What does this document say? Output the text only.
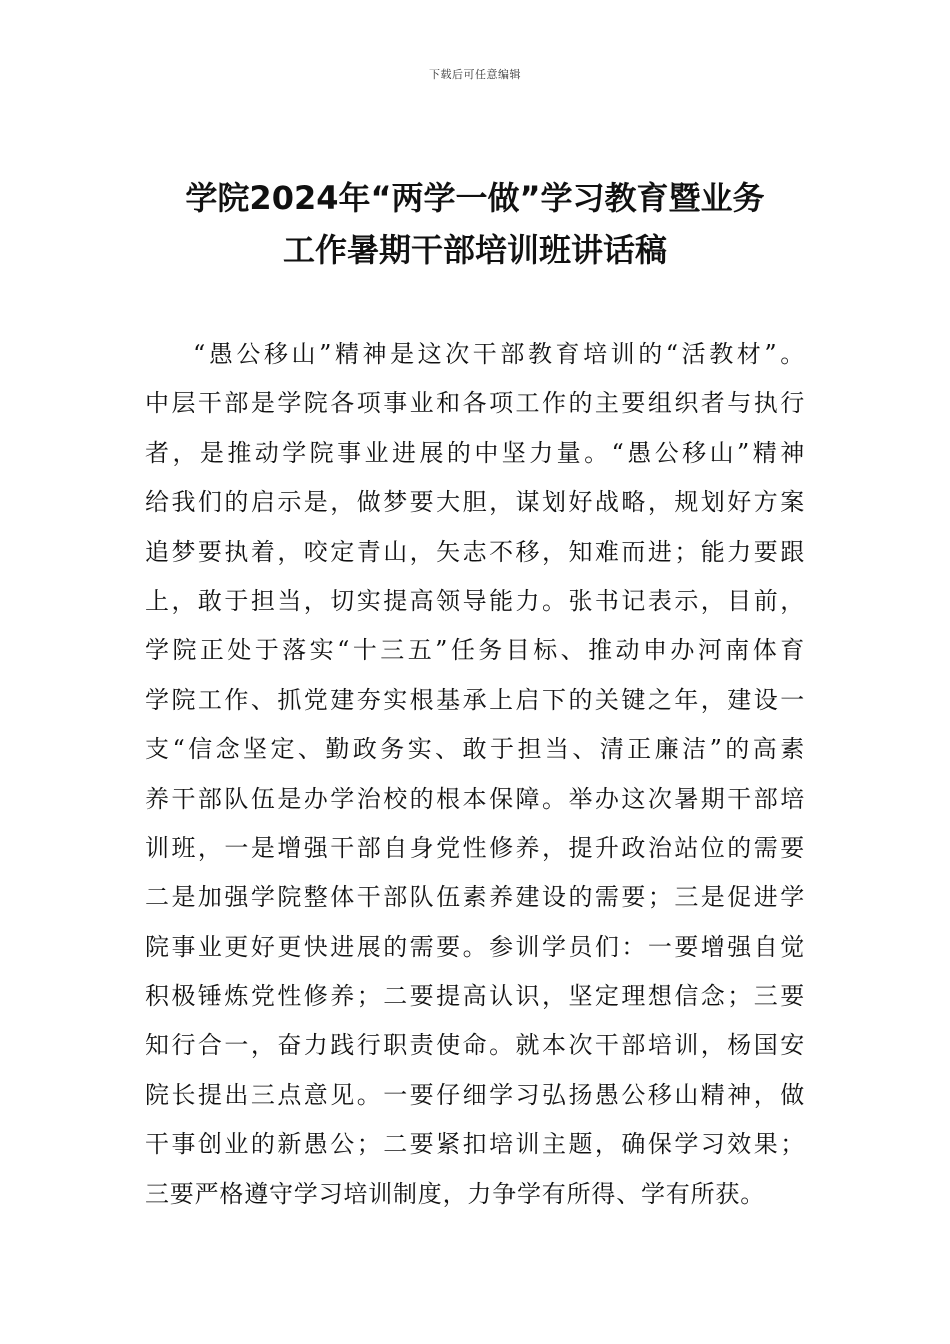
下载后可任意编辑
学院2024年“两学一做”学习教育暨业务
工作暑期干部培训班讲话稿
“愚公移山”精神是这次干部教育培训的“活教材”。
中层干部是学院各项事业和各项工作的主要组织者与执行
者，是推动学院事业进展的中坚力量。“愚公移山”精神
给我们的启示是，做梦要大胆，谋划好战略，规划好方案
追梦要执着，咬定青山，矢志不移，知难而进；能力要跟
上，敢于担当，切实提高领导能力。张书记表示，目前，
学院正处于落实“十三五”任务目标、推动申办河南体育
学院工作、抓党建夯实根基承上启下的关键之年，建设一
支“信念坚定、勤政务实、敢于担当、清正廉洁”的高素
养干部队伍是办学治校的根本保障。举办这次暑期干部培
训班，一是增强干部自身党性修养，提升政治站位的需要
二是加强学院整体干部队伍素养建设的需要；三是促进学
院事业更好更快进展的需要。参训学员们：一要增强自觉
积极锤炼党性修养；二要提高认识，坚定理想信念；三要
知行合一，奋力践行职责使命。就本次干部培训，杨国安
院长提出三点意见。一要仔细学习弘扬愚公移山精神，做
干事创业的新愚公；二要紧扣培训主题，确保学习效果；
三要严格遵守学习培训制度，力争学有所得、学有所获。
